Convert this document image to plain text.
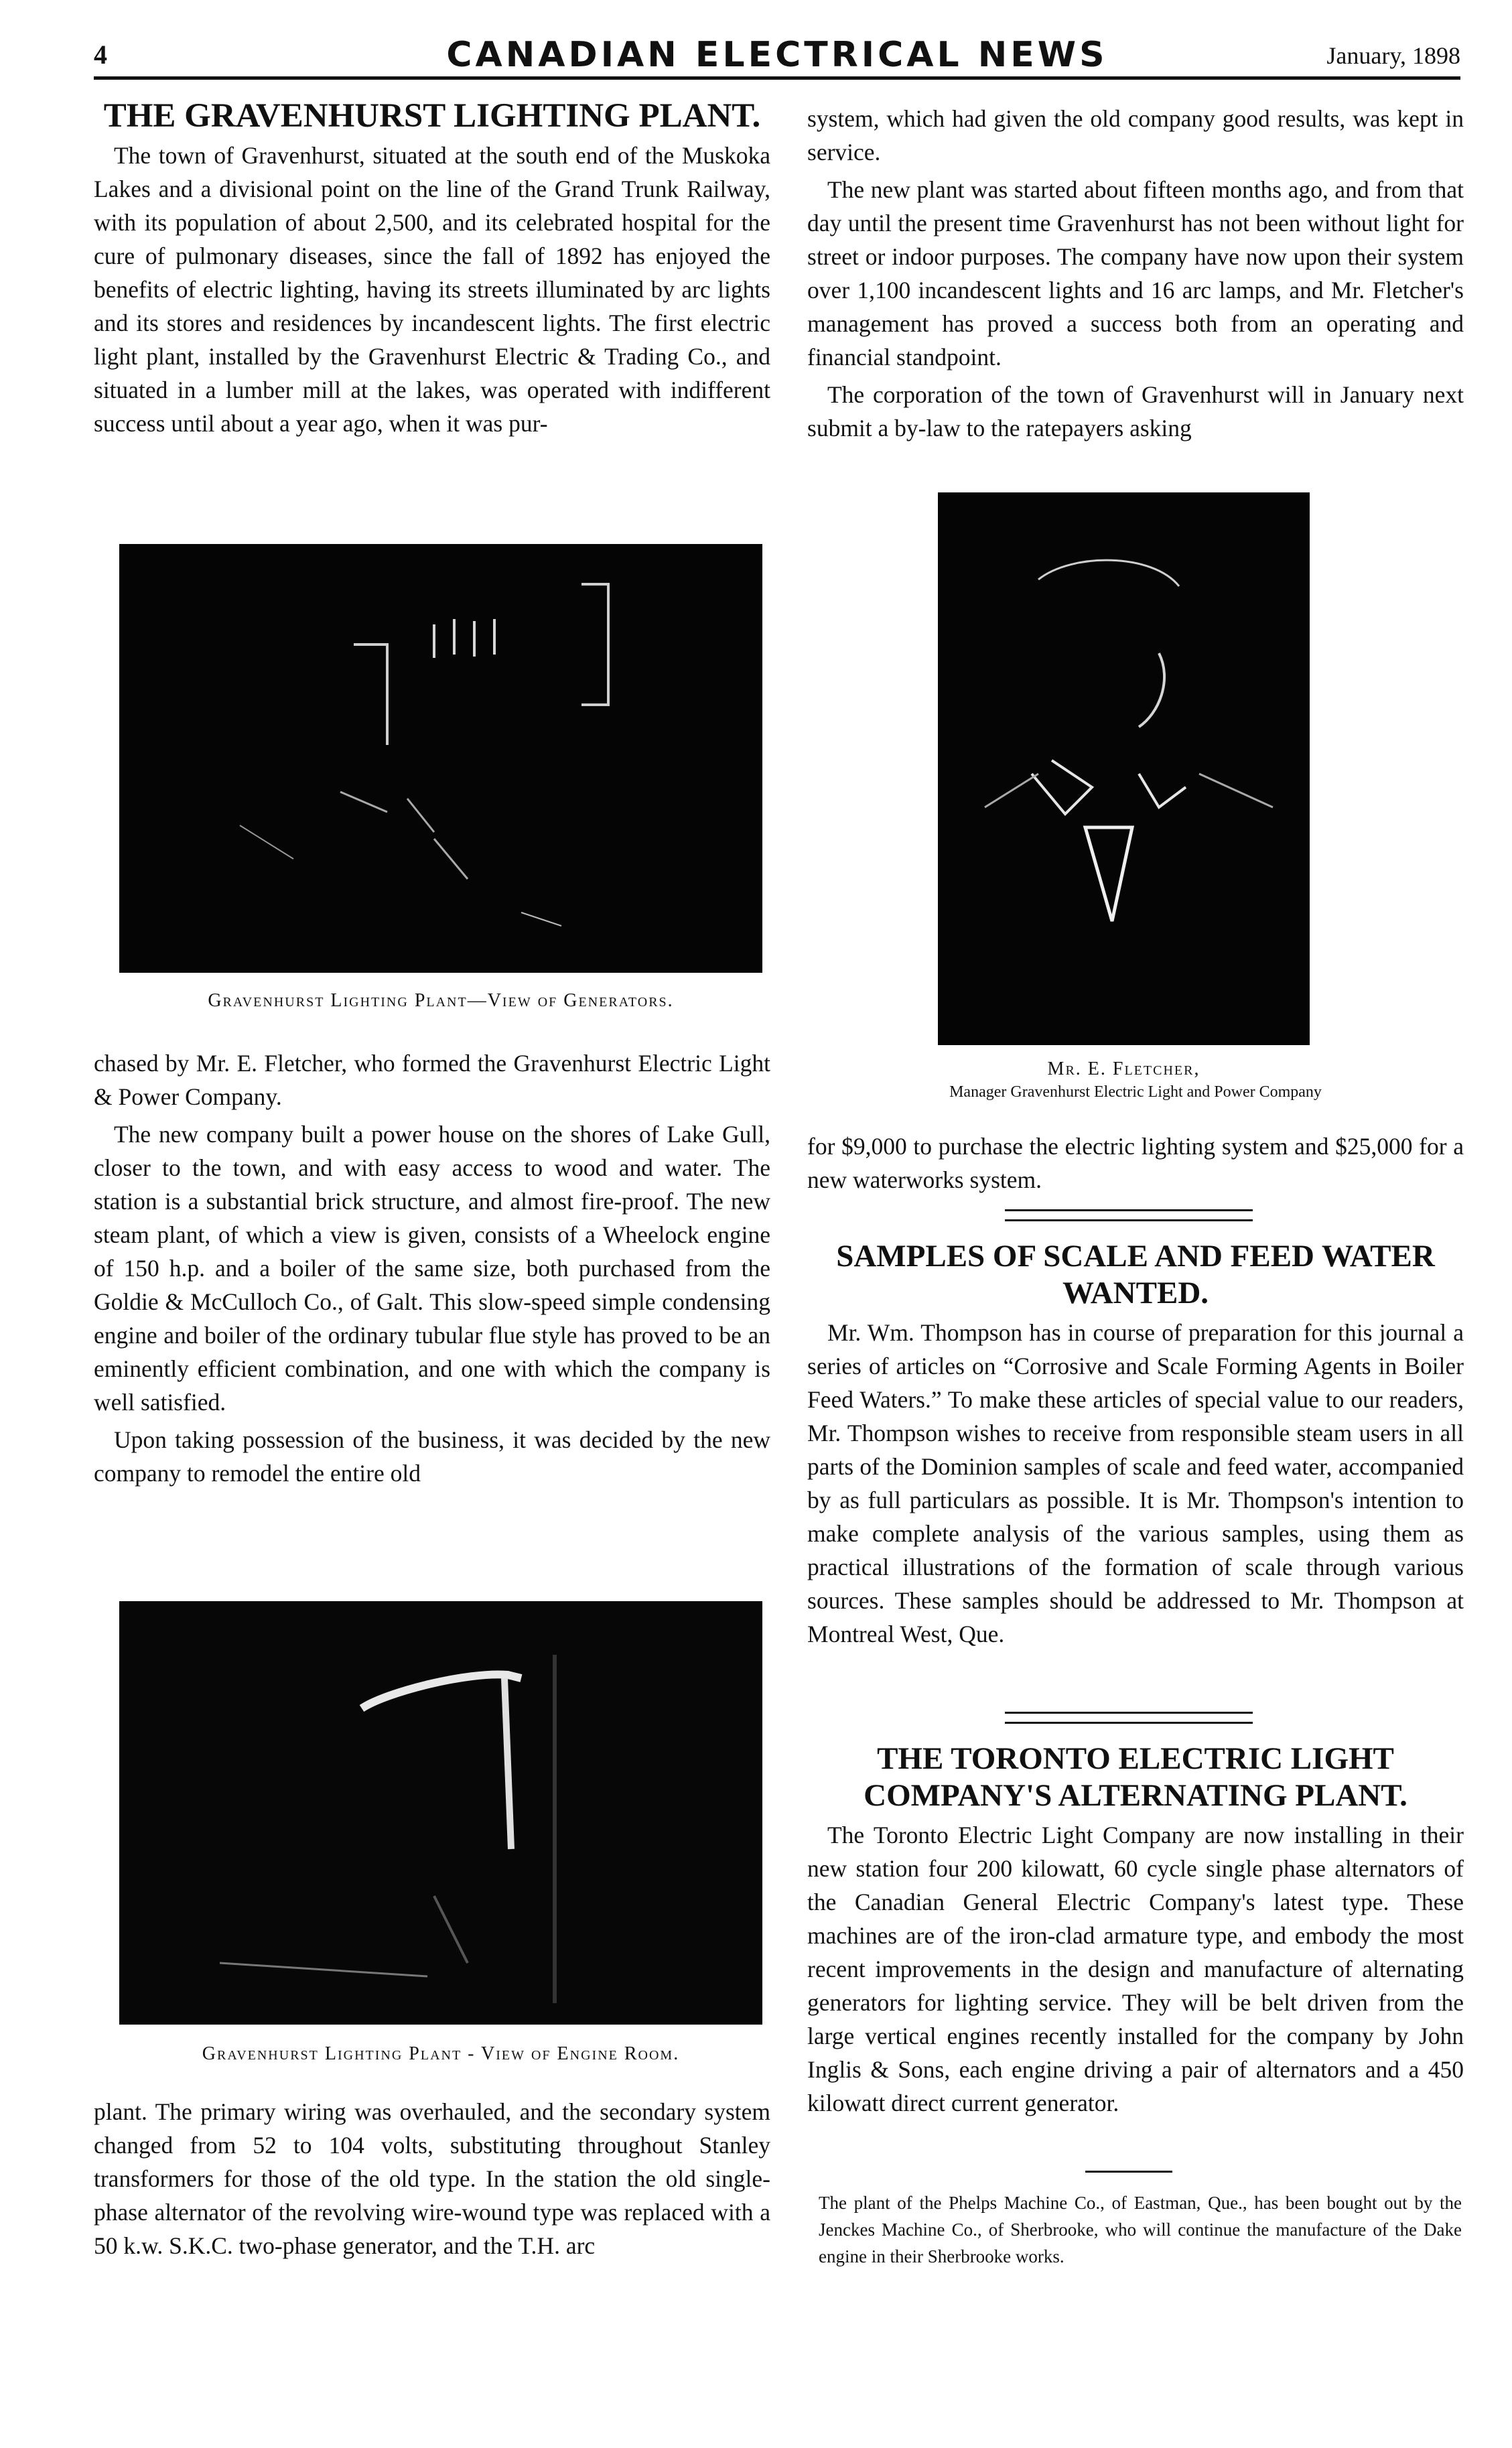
4	CANADIAN ELECTRICAL NEWS	January, 1898
THE GRAVENHURST LIGHTING PLANT.

The town of Gravenhurst, situated at the south end of the Muskoka Lakes and a divisional point on the line of the Grand Trunk Railway, with its population of about 2,500, and its celebrated hospital for the cure of pulmonary diseases, since the fall of 1892 has enjoyed the benefits of electric lighting, having its streets illuminated by arc lights and its stores and residences by incandescent lights. The first electric light plant, installed by the Gravenhurst Electric & Trading Co., and situated in a lumber mill at the lakes, was operated with indifferent success until about a year ago, when it was pur-

Gravenhurst Lighting Plant—View of Generators.

chased by Mr. E. Fletcher, who formed the Gravenhurst Electric Light & Power Company.

The new company built a power house on the shores of Lake Gull, closer to the town, and with easy access to wood and water. The station is a substantial brick structure, and almost fire-proof. The new steam plant, of which a view is given, consists of a Wheelock engine of 150 h.p. and a boiler of the same size, both purchased from the Goldie & McCulloch Co., of Galt. This slow-speed simple condensing engine and boiler of the ordinary tubular flue style has proved to be an eminently efficient combination, and one with which the company is well satisfied.

Upon taking possession of the business, it was decided by the new company to remodel the entire old

Gravenhurst Lighting Plant - View of Engine Room.

plant. The primary wiring was overhauled, and the secondary system changed from 52 to 104 volts, substituting throughout Stanley transformers for those of the old type. In the station the old single-phase alternator of the revolving wire-wound type was replaced with a 50 k.w. S.K.C. two-phase generator, and the T.H. arc

system, which had given the old company good results, was kept in service.

The new plant was started about fifteen months ago, and from that day until the present time Gravenhurst has not been without light for street or indoor purposes. The company have now upon their system over 1,100 incandescent lights and 16 arc lamps, and Mr. Fletcher's management has proved a success both from an operating and financial standpoint.

The corporation of the town of Gravenhurst will in January next submit a by-law to the ratepayers asking

Mr. E. Fletcher,
Manager Gravenhurst Electric Light and Power Company

for $9,000 to purchase the electric lighting system and $25,000 for a new waterworks system.

SAMPLES OF SCALE AND FEED WATER WANTED.

Mr. Wm. Thompson has in course of preparation for this journal a series of articles on “Corrosive and Scale Forming Agents in Boiler Feed Waters.” To make these articles of special value to our readers, Mr. Thompson wishes to receive from responsible steam users in all parts of the Dominion samples of scale and feed water, accompanied by as full particulars as possible. It is Mr. Thompson's intention to make complete analysis of the various samples, using them as practical illustrations of the formation of scale through various sources. These samples should be addressed to Mr. Thompson at Montreal West, Que.

THE TORONTO ELECTRIC LIGHT COMPANY'S ALTERNATING PLANT.

The Toronto Electric Light Company are now installing in their new station four 200 kilowatt, 60 cycle single phase alternators of the Canadian General Electric Company's latest type. These machines are of the iron-clad armature type, and embody the most recent improvements in the design and manufacture of alternating generators for lighting service. They will be belt driven from the large vertical engines recently installed for the company by John Inglis & Sons, each engine driving a pair of alternators and a 450 kilowatt direct current generator.

The plant of the Phelps Machine Co., of Eastman, Que., has been bought out by the Jenckes Machine Co., of Sherbrooke, who will continue the manufacture of the Dake engine in their Sherbrooke works.
